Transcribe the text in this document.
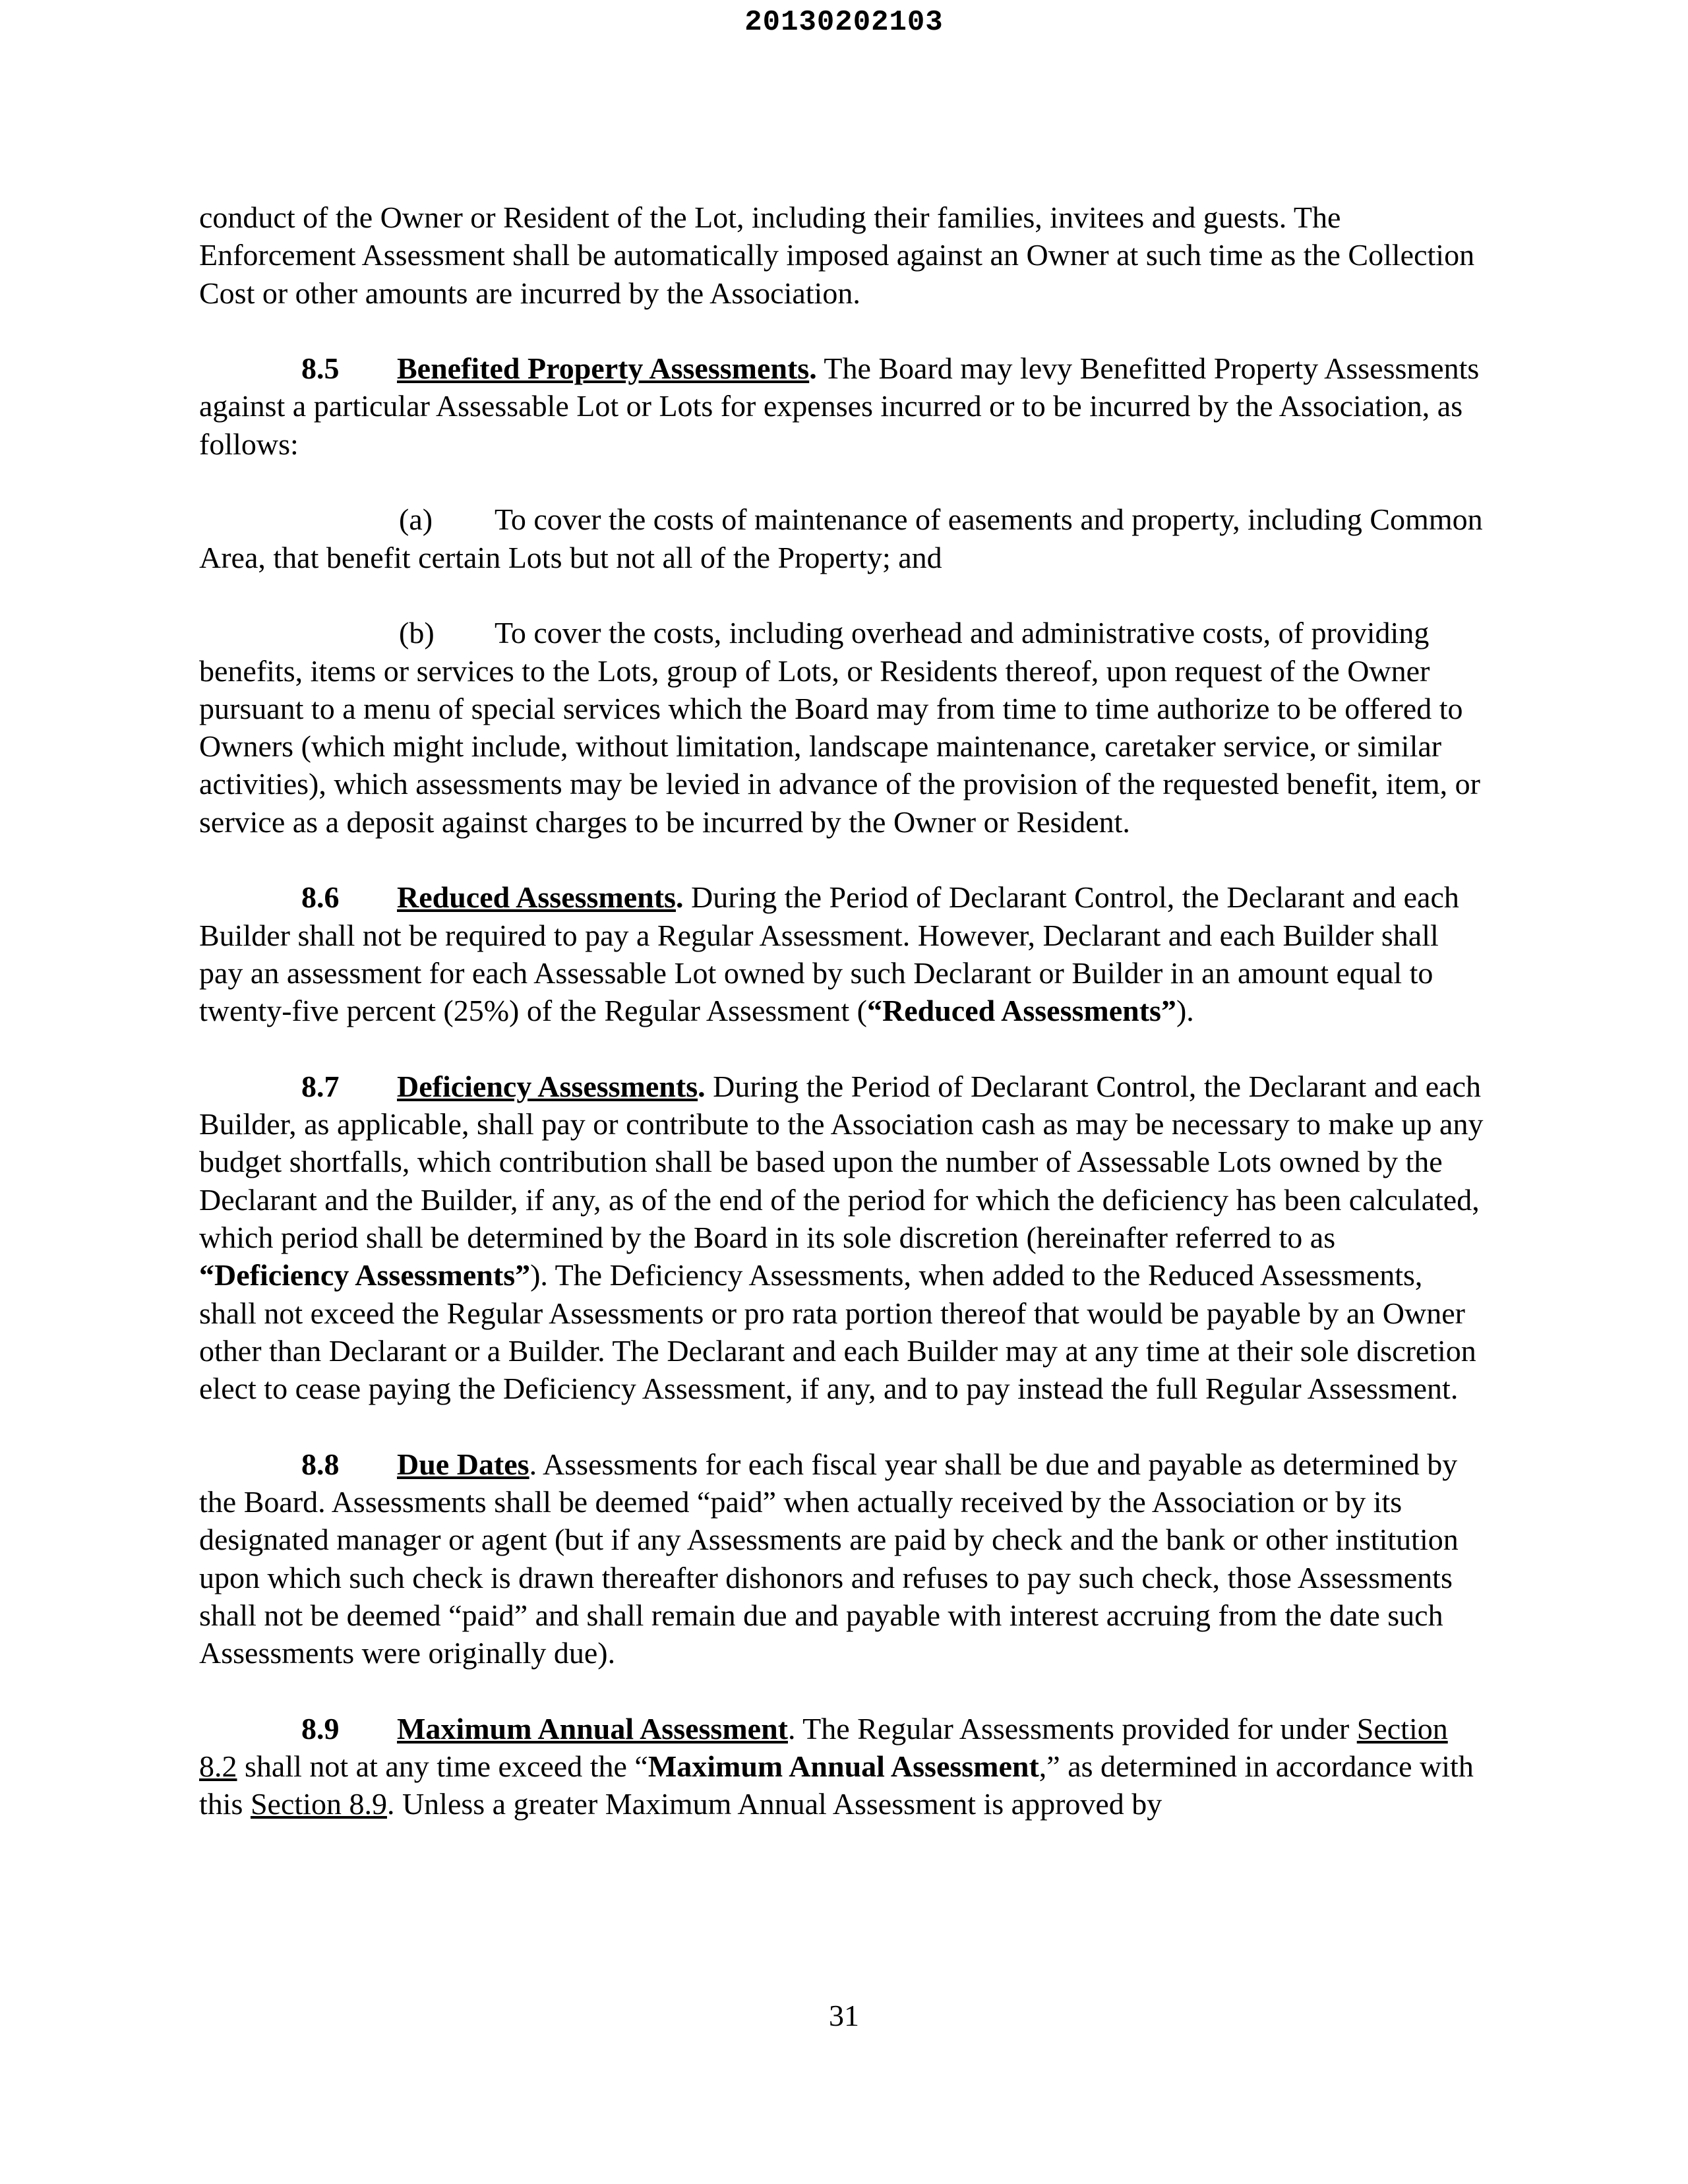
20130202103

conduct of the Owner or Resident of the Lot, including their families, invitees and guests. The Enforcement Assessment shall be automatically imposed against an Owner at such time as the Collection Cost or other amounts are incurred by the Association.

8.5 Benefited Property Assessments. The Board may levy Benefitted Property Assessments against a particular Assessable Lot or Lots for expenses incurred or to be incurred by the Association, as follows:

(a) To cover the costs of maintenance of easements and property, including Common Area, that benefit certain Lots but not all of the Property; and

(b) To cover the costs, including overhead and administrative costs, of providing benefits, items or services to the Lots, group of Lots, or Residents thereof, upon request of the Owner pursuant to a menu of special services which the Board may from time to time authorize to be offered to Owners (which might include, without limitation, landscape maintenance, caretaker service, or similar activities), which assessments may be levied in advance of the provision of the requested benefit, item, or service as a deposit against charges to be incurred by the Owner or Resident.

8.6 Reduced Assessments. During the Period of Declarant Control, the Declarant and each Builder shall not be required to pay a Regular Assessment. However, Declarant and each Builder shall pay an assessment for each Assessable Lot owned by such Declarant or Builder in an amount equal to twenty-five percent (25%) of the Regular Assessment (“Reduced Assessments”).

8.7 Deficiency Assessments. During the Period of Declarant Control, the Declarant and each Builder, as applicable, shall pay or contribute to the Association cash as may be necessary to make up any budget shortfalls, which contribution shall be based upon the number of Assessable Lots owned by the Declarant and the Builder, if any, as of the end of the period for which the deficiency has been calculated, which period shall be determined by the Board in its sole discretion (hereinafter referred to as “Deficiency Assessments”). The Deficiency Assessments, when added to the Reduced Assessments, shall not exceed the Regular Assessments or pro rata portion thereof that would be payable by an Owner other than Declarant or a Builder. The Declarant and each Builder may at any time at their sole discretion elect to cease paying the Deficiency Assessment, if any, and to pay instead the full Regular Assessment.

8.8 Due Dates. Assessments for each fiscal year shall be due and payable as determined by the Board. Assessments shall be deemed “paid” when actually received by the Association or by its designated manager or agent (but if any Assessments are paid by check and the bank or other institution upon which such check is drawn thereafter dishonors and refuses to pay such check, those Assessments shall not be deemed “paid” and shall remain due and payable with interest accruing from the date such Assessments were originally due).

8.9 Maximum Annual Assessment. The Regular Assessments provided for under Section 8.2 shall not at any time exceed the “Maximum Annual Assessment,” as determined in accordance with this Section 8.9. Unless a greater Maximum Annual Assessment is approved by

31
